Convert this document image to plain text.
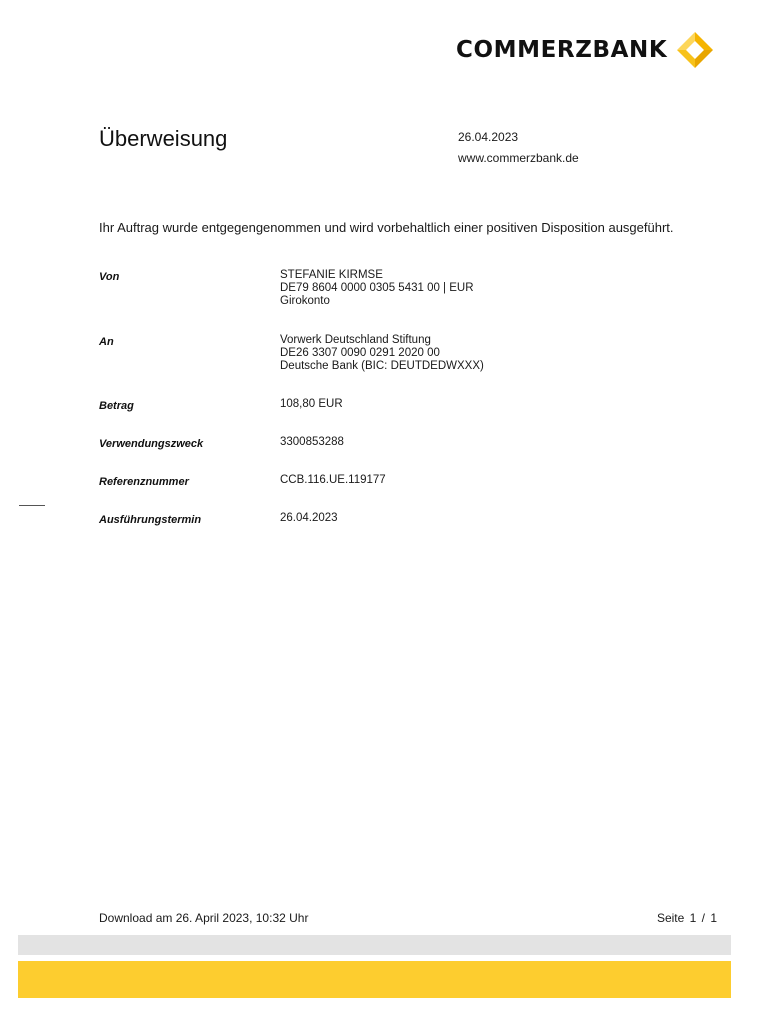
COMMERZBANK
Überweisung	26.04.2023
www.commerzbank.de
Ihr Auftrag wurde entgegengenommen und wird vorbehaltlich einer positiven Disposition ausgeführt.
Von	STEFANIE KIRMSE
DE79 8604 0000 0305 5431 00 | EUR
Girokonto
An	Vorwerk Deutschland Stiftung
DE26 3307 0090 0291 2020 00
Deutsche Bank (BIC: DEUTDEDWXXX)
Betrag	108,80 EUR
Verwendungszweck	3300853288
Referenznummer	CCB.116.UE.119177
Ausführungstermin	26.04.2023
Download am 26. April 2023, 10:32 Uhr	Seite 1 / 1
